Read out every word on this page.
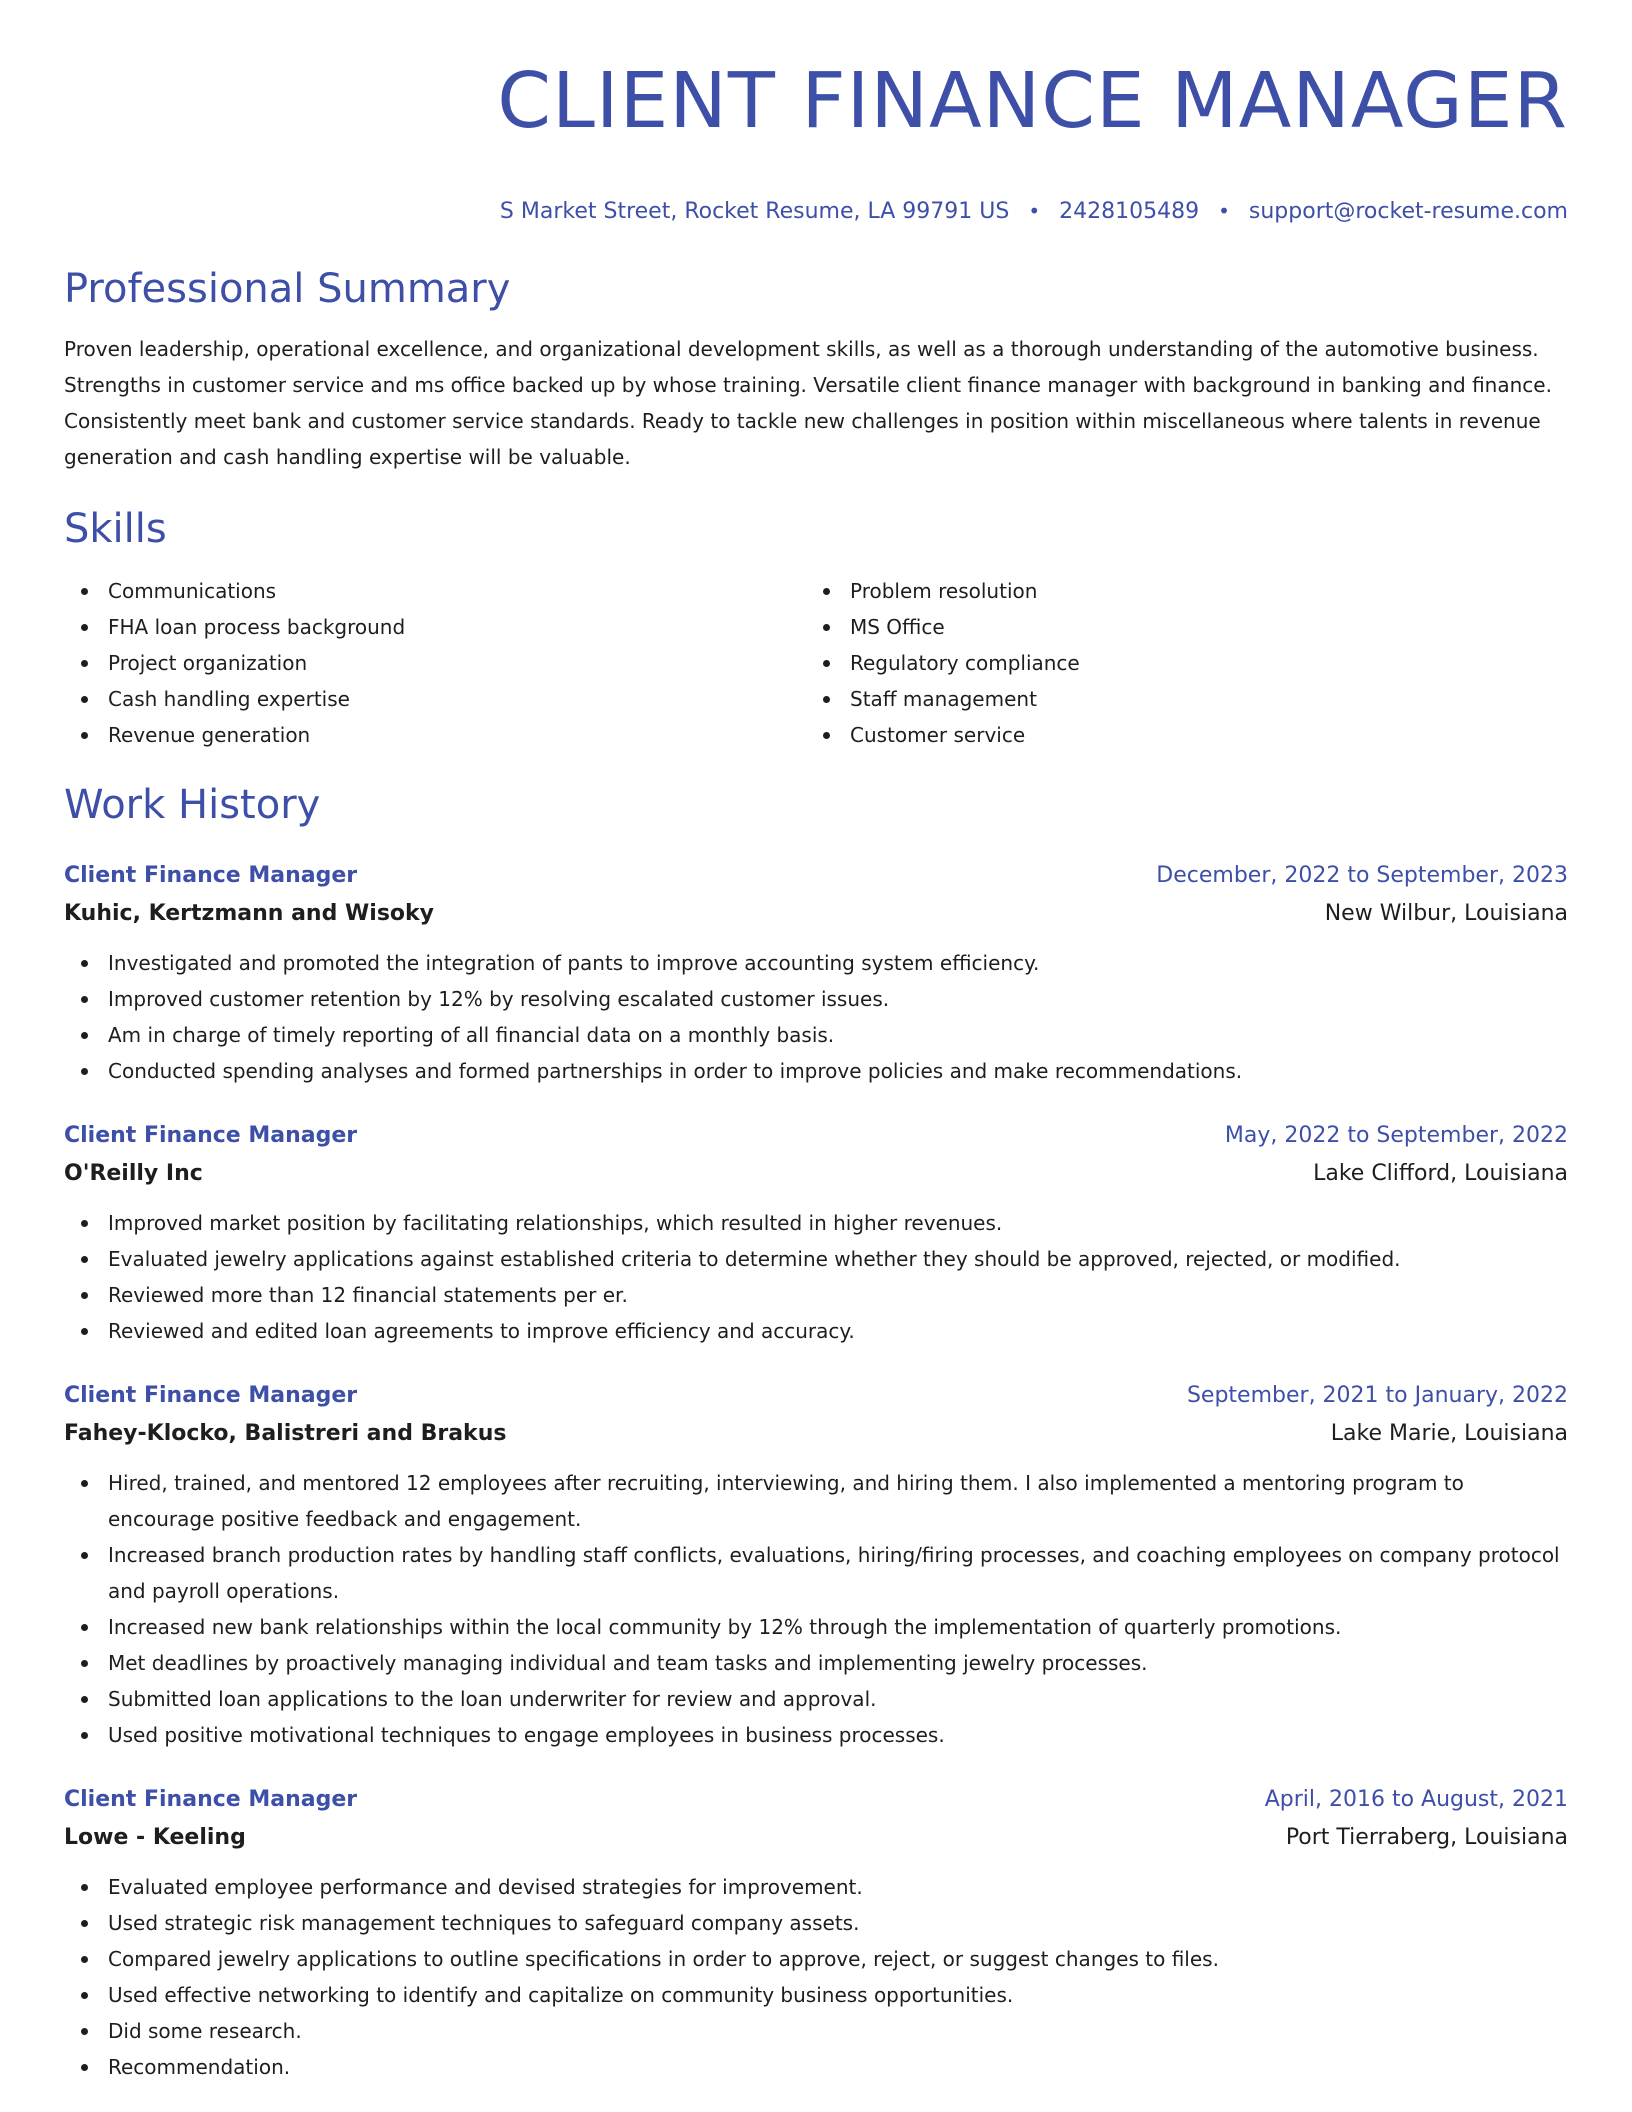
CLIENT FINANCE MANAGER
S Market Street, Rocket Resume, LA 99791 US • 2428105489 • support@rocket-resume.com
Professional Summary
Proven leadership, operational excellence, and organizational development skills, as well as a thorough understanding of the automotive business. Strengths in customer service and ms office backed up by whose training. Versatile client finance manager with background in banking and finance. Consistently meet bank and customer service standards. Ready to tackle new challenges in position within miscellaneous where talents in revenue generation and cash handling expertise will be valuable.
Skills
Communications
FHA loan process background
Project organization
Cash handling expertise
Revenue generation
Problem resolution
MS Office
Regulatory compliance
Staff management
Customer service
Work History
Client Finance Manager	December, 2022 to September, 2023
Kuhic, Kertzmann and Wisoky	New Wilbur, Louisiana
Investigated and promoted the integration of pants to improve accounting system efficiency.
Improved customer retention by 12% by resolving escalated customer issues.
Am in charge of timely reporting of all financial data on a monthly basis.
Conducted spending analyses and formed partnerships in order to improve policies and make recommendations.
Client Finance Manager	May, 2022 to September, 2022
O'Reilly Inc	Lake Clifford, Louisiana
Improved market position by facilitating relationships, which resulted in higher revenues.
Evaluated jewelry applications against established criteria to determine whether they should be approved, rejected, or modified.
Reviewed more than 12 financial statements per er.
Reviewed and edited loan agreements to improve efficiency and accuracy.
Client Finance Manager	September, 2021 to January, 2022
Fahey-Klocko, Balistreri and Brakus	Lake Marie, Louisiana
Hired, trained, and mentored 12 employees after recruiting, interviewing, and hiring them. I also implemented a mentoring program to encourage positive feedback and engagement.
Increased branch production rates by handling staff conflicts, evaluations, hiring/firing processes, and coaching employees on company protocol and payroll operations.
Increased new bank relationships within the local community by 12% through the implementation of quarterly promotions.
Met deadlines by proactively managing individual and team tasks and implementing jewelry processes.
Submitted loan applications to the loan underwriter for review and approval.
Used positive motivational techniques to engage employees in business processes.
Client Finance Manager	April, 2016 to August, 2021
Lowe - Keeling	Port Tierraberg, Louisiana
Evaluated employee performance and devised strategies for improvement.
Used strategic risk management techniques to safeguard company assets.
Compared jewelry applications to outline specifications in order to approve, reject, or suggest changes to files.
Used effective networking to identify and capitalize on community business opportunities.
Did some research.
Recommendation.
